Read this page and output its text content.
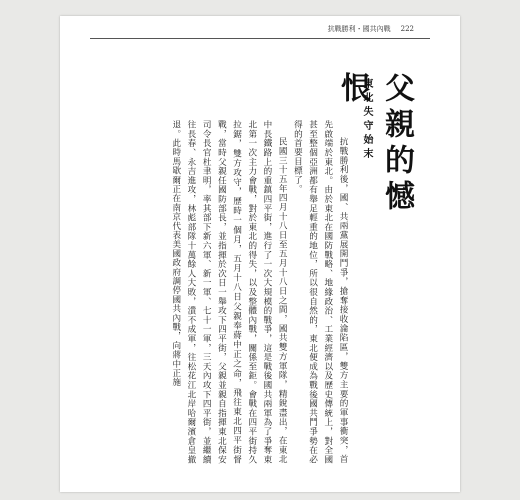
抗戰勝利・國共內戰 222
父親的憾恨
東北失守始末

抗戰勝利後，國、共兩黨展開鬥爭，搶奪接收淪陷區，雙方主要的軍事衝突，首先啟端於東北。由於東北在國防戰略、地緣政治、工業經濟以及歷史傳統上，對全國甚至整個亞洲都有舉足輕重的地位，所以很自然的，東北便成為戰後國共鬥爭勢在必得的首要目標了。

民國三十五年四月十八日至五月十八日之間，國共雙方軍隊，精銳盡出，在東北中長鐵路上的重鎮四平街，進行了一次大規模的戰爭，這是戰後國共兩軍為了爭奪東北第一次主力會戰，對於東北的得失，以及整體內戰，關係至鉅。會戰在四平街持久拉鋸，雙方攻守，歷時一個月，五月十八日父親奉蔣中正之命，飛往東北四平街督戰，當時父親任國防部長，並指揮於次日一舉攻下四平街，父親並親自指揮東北保安司令長官杜聿明，率其部下新六軍、新一軍、七十一軍，三天內攻下四平街，並繼續往長春、永吉進攻，林彪部隊十萬餘人大敗，潰不成軍，往松花江北岸哈爾濱倉皇撤退。此時馬歇爾正在南京代表美國政府調停國共內戰，向蔣中正施
